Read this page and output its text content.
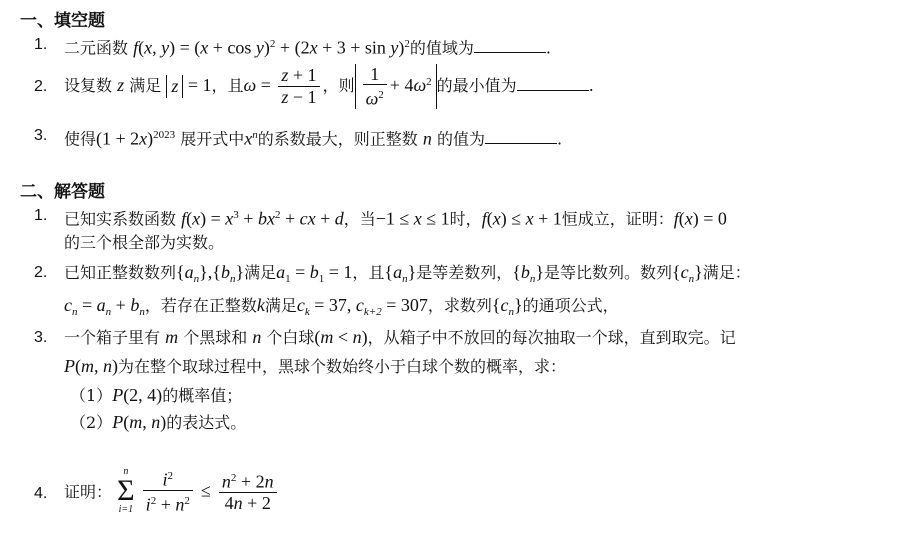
一、填空题
1. 二元函数 f(x, $y) = (x + \cos y)^2 + (2x + 3 + \sin y)^2$的值域为	.
2. 设复数 z 满足 z = 1，且$\omega = \frac{z + 1}{z - 1}$ ，则 $\frac{1}{\omega^2} + 4\omega^2$ 的最小值为	.
3. 使得$(1 + 2x)^{2023}$ 展开式中$x^n$的系数最大，则正整数 n 的值为	.
二、解答题
1. 已知实系数函数 $f(x) = x^3 + bx^2$ + cx + d，当−1 ≤ x ≤ 1时，f(x) ≤ x + 1恒成立，证明：f(x) = 0
的三个根全部为实数。
2. 已知正整数数列$\{a_n\},\{b_n\}$满足$a_1 = b_1 = 1$，且$\{a_n\}$是等差数列，$\{b_n\}$是等比数列。数列$\{c_n\}$满足：
$c_n = a_n + b_n$，若存在正整数k满足$c_k = 37$, $c_{k+2} = 307$，求数列$\{c_n\}$的通项公式，
3. 一个箱子里有 m 个黑球和 n 个白球(m < n)，从箱子中不放回的每次抽取一个球，直到取完。记
P(m, n)为在整个取球过程中，黑球个数始终小于白球个数的概率，求：
（1）P(2, 4)的概率值；
（2）P(m, n)的表达式。
4. 证明：
n
Σ
i=1
$\frac{i^2}{i^2 + n^2} \le \frac{n^2 + 2n}{4n + 2}$
